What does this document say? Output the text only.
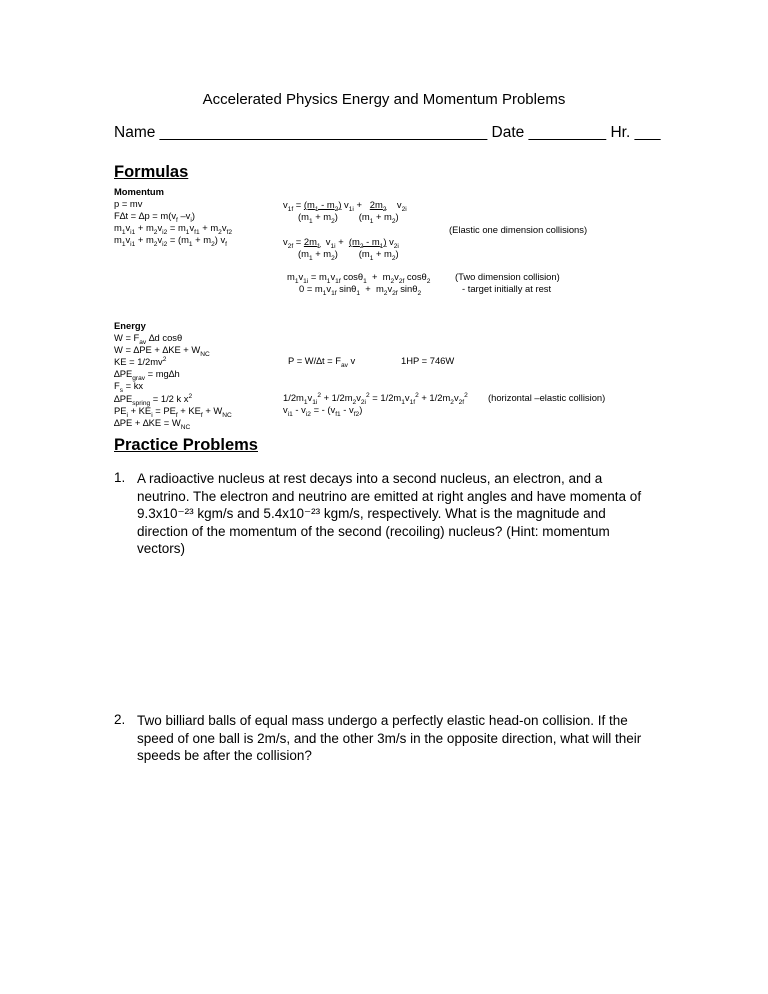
Accelerated Physics Energy and Momentum Problems
Name ______________________________________ Date _________ Hr. ___
Formulas
Momentum
p = mv
$F\Delta t = \Delta p = m(v_f$ $-v_i$)
$m_1v_{i1} + m_2v_{i2} = m_1v_{f1} + m_2v_{f2}$
$m_1v_{i1} + m_2v_{i2} = (m_1 + m_2)$ $v_f$
$v_{1f} = (m_1 - m_2) v_{1i} + 2m_2$    $v_{2i}$
$(m_1 + m_2)$        $(m_1 + m_2)$
(Elastic one dimension collisions)
$v_{2f} = 2m_1$  $v_{1i} + (m_2 - m_1)$ $v_{2i}$
$(m_1 + m_2)$        $(m_1 + m_2)$
$m_1v_{1i} = m_1v_{1f}$ $\cos\theta_1 + m_2v_{2f}$ cosθ$_2$
$0 = m_1v_{1f}$ $\sin\theta_1 + m_2v_{2f}$ sinθ$_2$
(Two dimension collision)
- target initially at rest
Energy
$W = F_{av}$ ∆d cosθ
$W = \Delta PE + \Delta KE + W_{NC}$
KE = $1/2mv^2$
$\Delta PE_{grav} = mg\Delta h$
$F_s$ = kx
$\Delta PE_{spring} = 1/2$ k $x^2$
$PE_i + KE_i = PE_f + KE_f + W_{NC}$
$\Delta PE + \Delta KE = W_{NC}$
$P = W/\Delta t = F_{av}$ v	1HP = 746W
$1/2m_1v_{1i}^2 + 1/2m_2v_{2i}^2 = 1/2m_1v_{1f}^2 + 1/2m_2v_{2f}^2$
$v_{i1} - v_{i2}$ = - $(v_{f1} - v_{f2})$
(horizontal –elastic collision)
Practice Problems
1. A radioactive nucleus at rest decays into a second nucleus, an electron, and a neutrino. The electron and neutrino are emitted at right angles and have momenta of 9.3x10⁻²³ kgm/s and 5.4x10⁻²³ kgm/s, respectively. What is the magnitude and direction of the momentum of the second (recoiling) nucleus? (Hint: momentum vectors)
2. Two billiard balls of equal mass undergo a perfectly elastic head-on collision. If the speed of one ball is 2m/s, and the other 3m/s in the opposite direction, what will their speeds be after the collision?
